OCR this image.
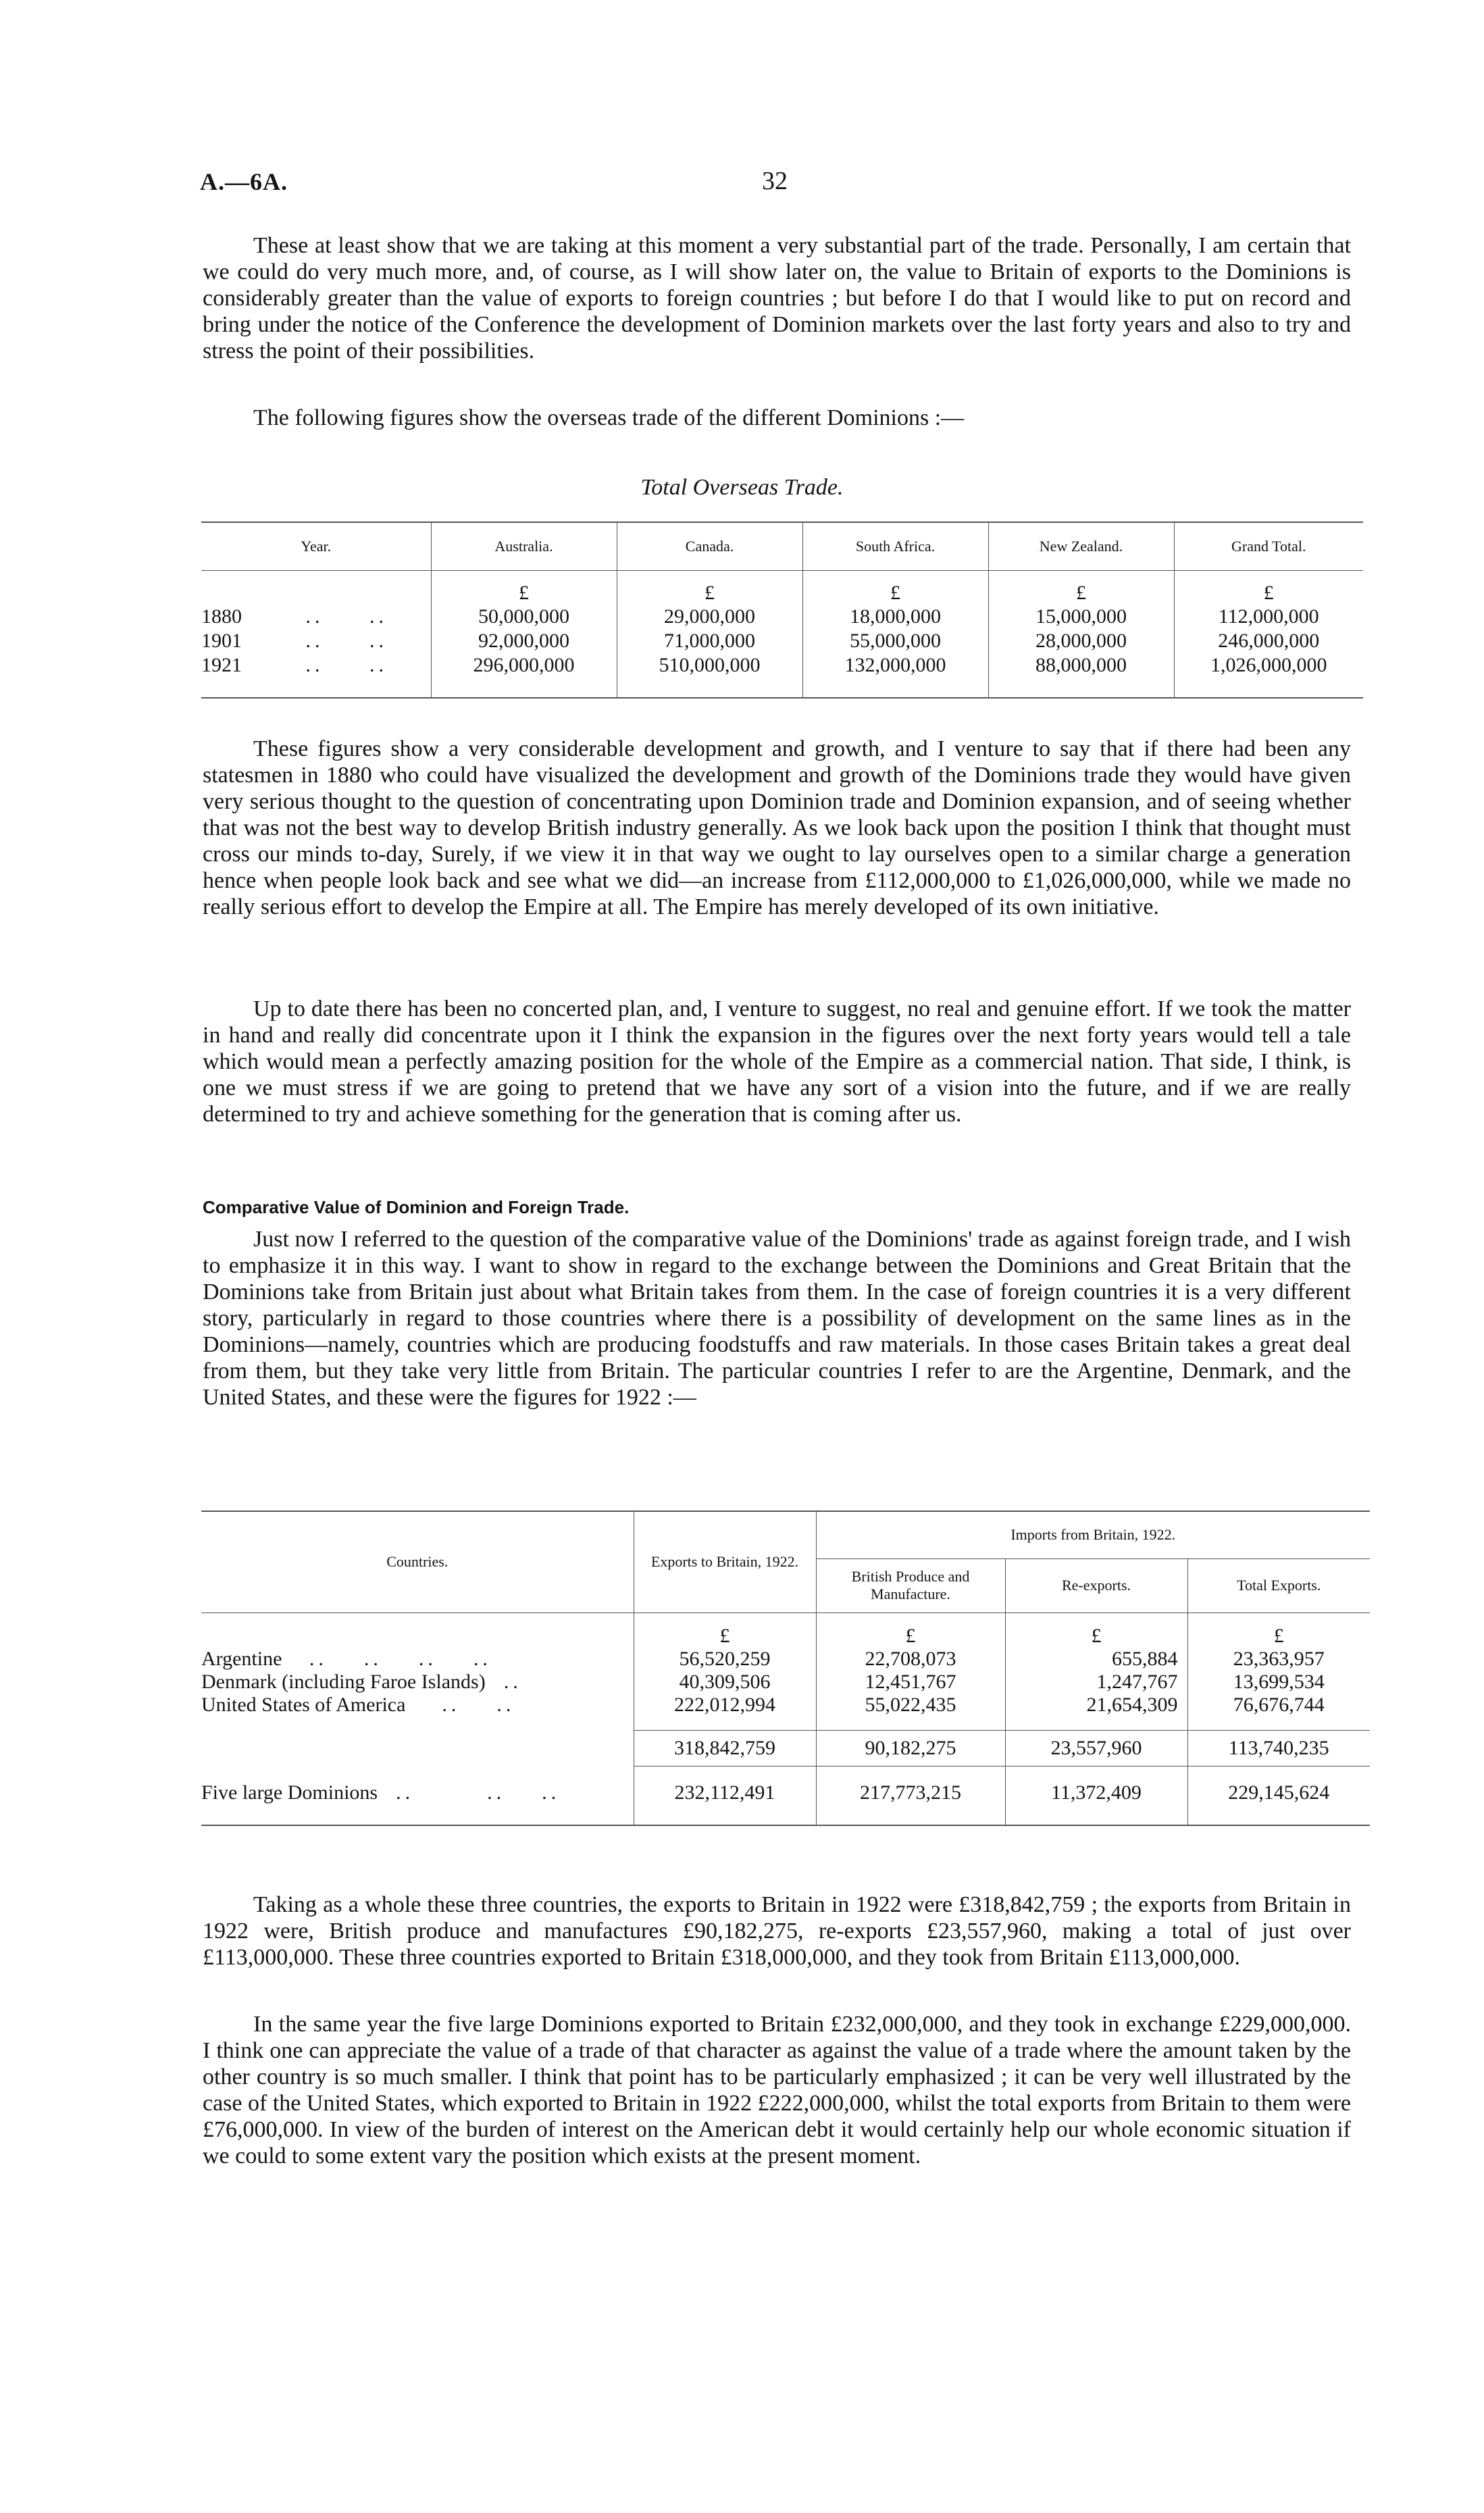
A.—6A.	32

These at least show that we are taking at this moment a very substantial part of the trade. Personally, I am certain that we could do very much more, and, of course, as I will show later on, the value to Britain of exports to the Dominions is considerably greater than the value of exports to foreign countries ; but before I do that I would like to put on record and bring under the notice of the Conference the development of Dominion markets over the last forty years and also to try and stress the point of their possibilities.

The following figures show the overseas trade of the different Dominions :—

Total Overseas Trade.
Year.	Australia.	Canada.	South Africa.	New Zealand.	Grand Total.
	£	£	£	£	£
1880       ..     ..	50,000,000	29,000,000	18,000,000	15,000,000	112,000,000
1901       ..     ..	92,000,000	71,000,000	55,000,000	28,000,000	246,000,000
1921       ..     ..	296,000,000	510,000,000	132,000,000	88,000,000	1,026,000,000

These figures show a very considerable development and growth, and I venture to say that if there had been any statesmen in 1880 who could have visualized the development and growth of the Dominions trade they would have given very serious thought to the question of concentrating upon Dominion trade and Dominion expansion, and of seeing whether that was not the best way to develop British industry generally. As we look back upon the position I think that thought must cross our minds to-day, Surely, if we view it in that way we ought to lay ourselves open to a similar charge a generation hence when people look back and see what we did—an increase from £112,000,000 to £1,026,000,000, while we made no really serious effort to develop the Empire at all. The Empire has merely developed of its own initiative.

Up to date there has been no concerted plan, and, I venture to suggest, no real and genuine effort. If we took the matter in hand and really did concentrate upon it I think the expansion in the figures over the next forty years would tell a tale which would mean a perfectly amazing position for the whole of the Empire as a commercial nation. That side, I think, is one we must stress if we are going to pretend that we have any sort of a vision into the future, and if we are really determined to try and achieve something for the generation that is coming after us.

Comparative Value of Dominion and Foreign Trade.

Just now I referred to the question of the comparative value of the Dominions' trade as against foreign trade, and I wish to emphasize it in this way. I want to show in regard to the exchange between the Dominions and Great Britain that the Dominions take from Britain just about what Britain takes from them. In the case of foreign countries it is a very different story, particularly in regard to those countries where there is a possibility of development on the same lines as in the Dominions—namely, countries which are producing foodstuffs and raw materials. In those cases Britain takes a great deal from them, but they take very little from Britain. The particular countries I refer to are the Argentine, Denmark, and the United States, and these were the figures for 1922 :—

Countries.	Exports to Britain, 1922.	Imports from Britain, 1922.		
		British Produce and Manufacture.	Re-exports.	Total Exports.
	£	£	£	£
Argentine   ..    ..    ..    ..	56,520,259	22,708,073	655,884	23,363,957
Denmark (including Faroe Islands)  ..	40,309,506	12,451,767	1,247,767	13,699,534
United States of America    ..    ..	222,012,994	55,022,435	21,654,309	76,676,744

	318,842,759	90,182,275	23,557,960	113,740,235

Five large Dominions  ..        ..    ..	232,112,491	217,773,215	11,372,409	229,145,624

Taking as a whole these three countries, the exports to Britain in 1922 were £318,842,759 ; the exports from Britain in 1922 were, British produce and manufactures £90,182,275, re-exports £23,557,960, making a total of just over £113,000,000. These three countries exported to Britain £318,000,000, and they took from Britain £113,000,000.

In the same year the five large Dominions exported to Britain £232,000,000, and they took in exchange £229,000,000. I think one can appreciate the value of a trade of that character as against the value of a trade where the amount taken by the other country is so much smaller. I think that point has to be particularly emphasized ; it can be very well illustrated by the case of the United States, which exported to Britain in 1922 £222,000,000, whilst the total exports from Britain to them were £76,000,000. In view of the burden of interest on the American debt it would certainly help our whole economic situation if we could to some extent vary the position which exists at the present moment.
